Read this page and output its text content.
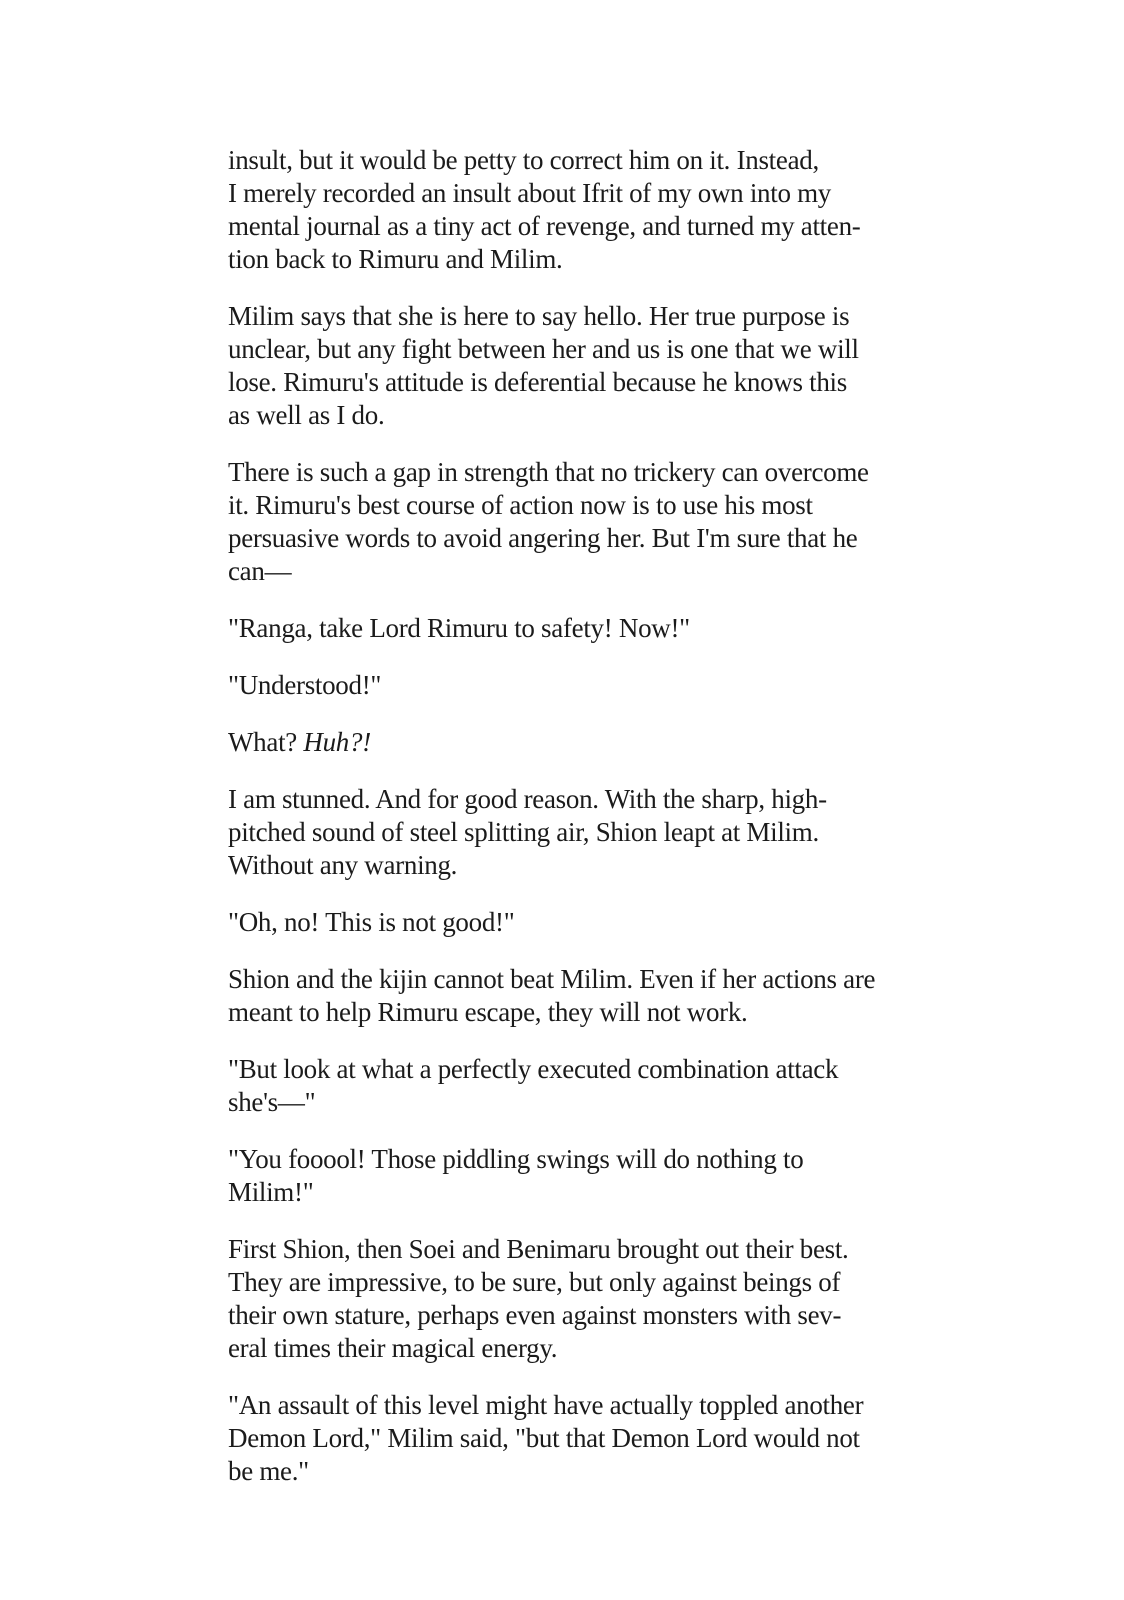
insult, but it would be petty to correct him on it. Instead,
I merely recorded an insult about Ifrit of my own into my
mental journal as a tiny act of revenge, and turned my atten-
tion back to Rimuru and Milim.

Milim says that she is here to say hello. Her true purpose is
unclear, but any fight between her and us is one that we will
lose. Rimuru's attitude is deferential because he knows this
as well as I do.

There is such a gap in strength that no trickery can overcome
it. Rimuru's best course of action now is to use his most
persuasive words to avoid angering her. But I'm sure that he
can—

"Ranga, take Lord Rimuru to safety! Now!"

"Understood!"

What? Huh?!

I am stunned. And for good reason. With the sharp, high-
pitched sound of steel splitting air, Shion leapt at Milim.
Without any warning.

"Oh, no! This is not good!"

Shion and the kijin cannot beat Milim. Even if her actions are
meant to help Rimuru escape, they will not work.

"But look at what a perfectly executed combination attack
she's—"

"You fooool! Those piddling swings will do nothing to
Milim!"

First Shion, then Soei and Benimaru brought out their best.
They are impressive, to be sure, but only against beings of
their own stature, perhaps even against monsters with sev-
eral times their magical energy.

"An assault of this level might have actually toppled another
Demon Lord," Milim said, "but that Demon Lord would not
be me."
